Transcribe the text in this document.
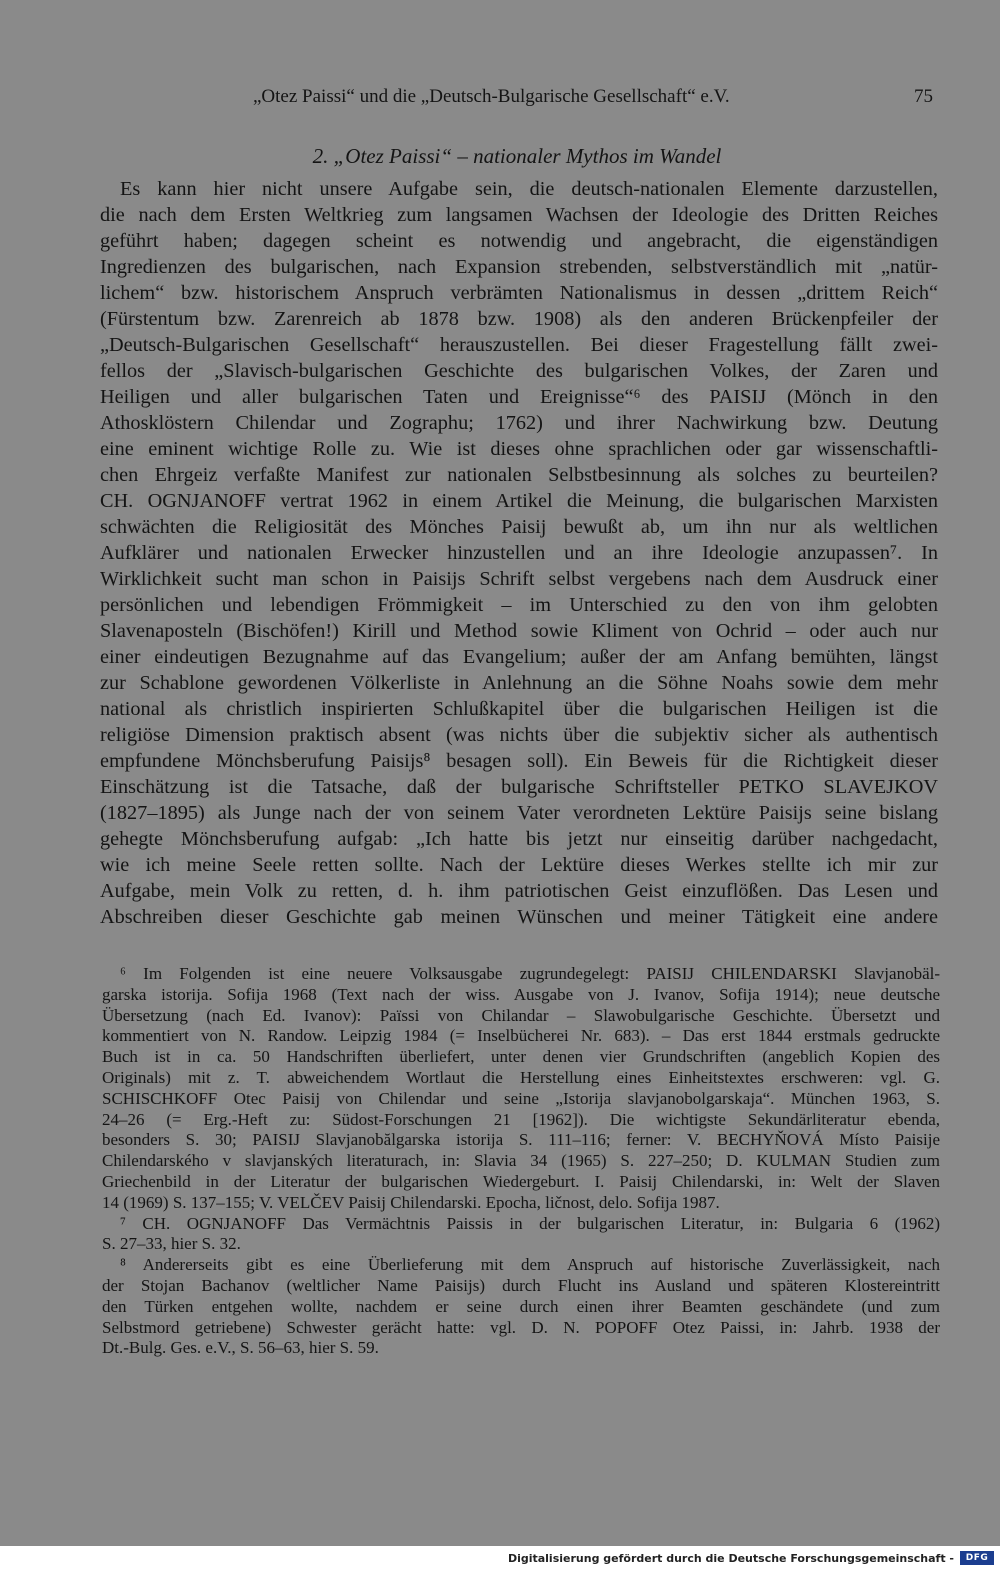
„Otez Paissi“ und die „Deutsch-Bulgarische Gesellschaft“ e.V.	75
2. „Otez Paissi“ – nationaler Mythos im Wandel
Es kann hier nicht unsere Aufgabe sein, die deutsch-nationalen Elemente darzustellen,
die nach dem Ersten Weltkrieg zum langsamen Wachsen der Ideologie des Dritten Reiches
geführt haben; dagegen scheint es notwendig und angebracht, die eigenständigen
Ingredienzen des bulgarischen, nach Expansion strebenden, selbstverständlich mit „natür-
lichem“ bzw. historischem Anspruch verbrämten Nationalismus in dessen „drittem Reich“
(Fürstentum bzw. Zarenreich ab 1878 bzw. 1908) als den anderen Brückenpfeiler der
„Deutsch-Bulgarischen Gesellschaft“ herauszustellen. Bei dieser Fragestellung fällt zwei-
fellos der „Slavisch-bulgarischen Geschichte des bulgarischen Volkes, der Zaren und
Heiligen und aller bulgarischen Taten und Ereignisse“⁶ des PAISIJ (Mönch in den
Athosklöstern Chilendar und Zographu; 1762) und ihrer Nachwirkung bzw. Deutung
eine eminent wichtige Rolle zu. Wie ist dieses ohne sprachlichen oder gar wissenschaftli-
chen Ehrgeiz verfaßte Manifest zur nationalen Selbstbesinnung als solches zu beurteilen?
CH. OGNJANOFF vertrat 1962 in einem Artikel die Meinung, die bulgarischen Marxisten
schwächten die Religiosität des Mönches Paisij bewußt ab, um ihn nur als weltlichen
Aufklärer und nationalen Erwecker hinzustellen und an ihre Ideologie anzupassen⁷. In
Wirklichkeit sucht man schon in Paisijs Schrift selbst vergebens nach dem Ausdruck einer
persönlichen und lebendigen Frömmigkeit – im Unterschied zu den von ihm gelobten
Slavenaposteln (Bischöfen!) Kirill und Method sowie Kliment von Ochrid – oder auch nur
einer eindeutigen Bezugnahme auf das Evangelium; außer der am Anfang bemühten, längst
zur Schablone gewordenen Völkerliste in Anlehnung an die Söhne Noahs sowie dem mehr
national als christlich inspirierten Schlußkapitel über die bulgarischen Heiligen ist die
religiöse Dimension praktisch absent (was nichts über die subjektiv sicher als authentisch
empfundene Mönchsberufung Paisijs⁸ besagen soll). Ein Beweis für die Richtigkeit dieser
Einschätzung ist die Tatsache, daß der bulgarische Schriftsteller PETKO SLAVEJKOV
(1827–1895) als Junge nach der von seinem Vater verordneten Lektüre Paisijs seine bislang
gehegte Mönchsberufung aufgab: „Ich hatte bis jetzt nur einseitig darüber nachgedacht,
wie ich meine Seele retten sollte. Nach der Lektüre dieses Werkes stellte ich mir zur
Aufgabe, mein Volk zu retten, d. h. ihm patriotischen Geist einzuflößen. Das Lesen und
Abschreiben dieser Geschichte gab meinen Wünschen und meiner Tätigkeit eine andere
⁶ Im Folgenden ist eine neuere Volksausgabe zugrundegelegt: PAISIJ CHILENDARSKI Slavjanobäl-
garska istorija. Sofija 1968 (Text nach der wiss. Ausgabe von J. Ivanov, Sofija 1914); neue deutsche
Übersetzung (nach Ed. Ivanov): Païssi von Chilandar – Slawobulgarische Geschichte. Übersetzt und
kommentiert von N. Randow. Leipzig 1984 (= Inselbücherei Nr. 683). – Das erst 1844 erstmals gedruckte
Buch ist in ca. 50 Handschriften überliefert, unter denen vier Grundschriften (angeblich Kopien des
Originals) mit z. T. abweichendem Wortlaut die Herstellung eines Einheitstextes erschweren: vgl. G.
SCHISCHKOFF Otec Paisij von Chilendar und seine „Istorija slavjanobolgarskaja“. München 1963, S.
24–26 (= Erg.-Heft zu: Südost-Forschungen 21 [1962]). Die wichtigste Sekundärliteratur ebenda,
besonders S. 30; PAISIJ Slavjanobălgarska istorija S. 111–116; ferner: V. BECHYŇOVÁ Místo Paisije
Chilendarského v slavjanských literaturach, in: Slavia 34 (1965) S. 227–250; D. KULMAN Studien zum
Griechenbild in der Literatur der bulgarischen Wiedergeburt. I. Paisij Chilendarski, in: Welt der Slaven
14 (1969) S. 137–155; V. VELČEV Paisij Chilendarski. Epocha, ličnost, delo. Sofija 1987.
⁷ CH. OGNJANOFF Das Vermächtnis Paissis in der bulgarischen Literatur, in: Bulgaria 6 (1962)
S. 27–33, hier S. 32.
⁸ Andererseits gibt es eine Überlieferung mit dem Anspruch auf historische Zuverlässigkeit, nach
der Stojan Bachanov (weltlicher Name Paisijs) durch Flucht ins Ausland und späteren Klostereintritt
den Türken entgehen wollte, nachdem er seine durch einen ihrer Beamten geschändete (und zum
Selbstmord getriebene) Schwester gerächt hatte: vgl. D. N. POPOFF Otez Paissi, in: Jahrb. 1938 der
Dt.-Bulg. Ges. e.V., S. 56–63, hier S. 59.
Digitalisierung gefördert durch die Deutsche Forschungsgemeinschaft -	DFG
